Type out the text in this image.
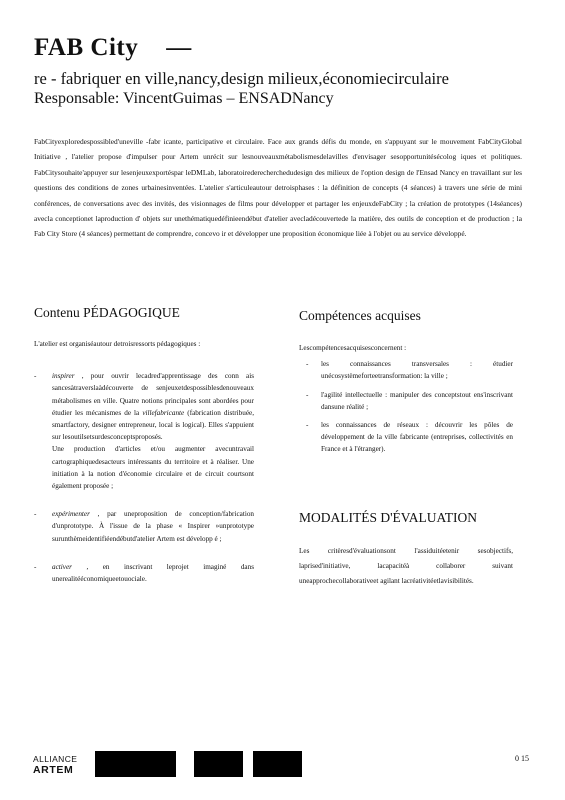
FAB City —
re - fabriquer en ville,nancy,design milieux,économiecirculaire
Responsable: VincentGuimas – ENSADNancy
FabCityexploredespossibled'uneville -fabr icante, participative et circulaire. Face aux grands défis du monde, en s'appuyant sur le mouvement FabCityGlobal Initiative , l'atelier propose d'impulser pour Artem unrécit sur lesnouveauxmétabolismesdelavilles d'envisager sesopportunitésécolog iques et politiques. FabCitysouhaite'appuyer sur lesenjeuxexportéspar leDMLab, laboratoirederecherchedudesign des milieux de l'option design de l'Ensad Nancy en travaillant sur les questions des conditions de zones urbainesinventées. L'atelier s'articuleautour detroisphases : la définition de concepts (4 séances) à travers une série de mini conférences, de conversations avec des invités, des visionnages de films pour développer et partager les enjeuxdeFabCity ; la création de prototypes (14séances) avecla conceptionet laproduction d' objets sur unethématiquedéfinieendébut d'atelier avecladécouvertede la matière, des outils de conception et de production ; la Fab City Store (4 séances) permettant de comprendre, concevo ir et développer une proposition économique liée à l'objet ou au service développé.
Contenu PÉDAGOGIQUE	Compétences acquises

L'atelier est organiséautour detroisressorts pédagogiques :

- inspirer , pour ouvrir lecadred'apprentissage des conn ais sancesàtraverslaàdécouverte de senjeuxetdespossiblesdenouveaux métabolismes en ville. Quatre notions principales sont abordées pour étudier les mécanismes de la villefabricante (fabrication distribuée, smartfactory, designer entrepreneur, local is logical). Elles s'appuient sur lesoutilsetsurdesconceptsproposés.

Une production d'articles et/ou augmenter avecuntravail cartographiquedesacteurs intéressants du territoire et à réaliser. Une initiation à la notion d'économie circulaire et de circuit courtsont également proposée ;

- expérimenter , par uneproposition de conception/fabrication d'unprototype. À l'issue de la phase « Inspirer »unprototype surunthèmeidentifiéendébutd'atelier Artem est développ é ;

- activer , en inscrivant leprojet imaginé dans unerealitééconomiqueetouociale.

Lescompétencesacquisesconcernent :

- les connaissances transversales : étudier unécosystèmeforteetransformation: la ville ;
- l'agilité intellectuelle : manipuler des conceptstout ens'inscrivant dansune réalité ;
- les connaissances de réseaux : découvrir les pôles de développement de la ville fabricante (entreprises, collectivités en France et à l'étranger).
MODALITÉS D'ÉVALUATION
Les critèresd'évaluationsont l'assiduitéetenir sesobjectifs, laprised'initiative, lacapacitéà collaborer suivant uneapprochecollaborativeet agilant lacréativitéetlavisibilités.
ALLIANCE
ARTEM
0 15
